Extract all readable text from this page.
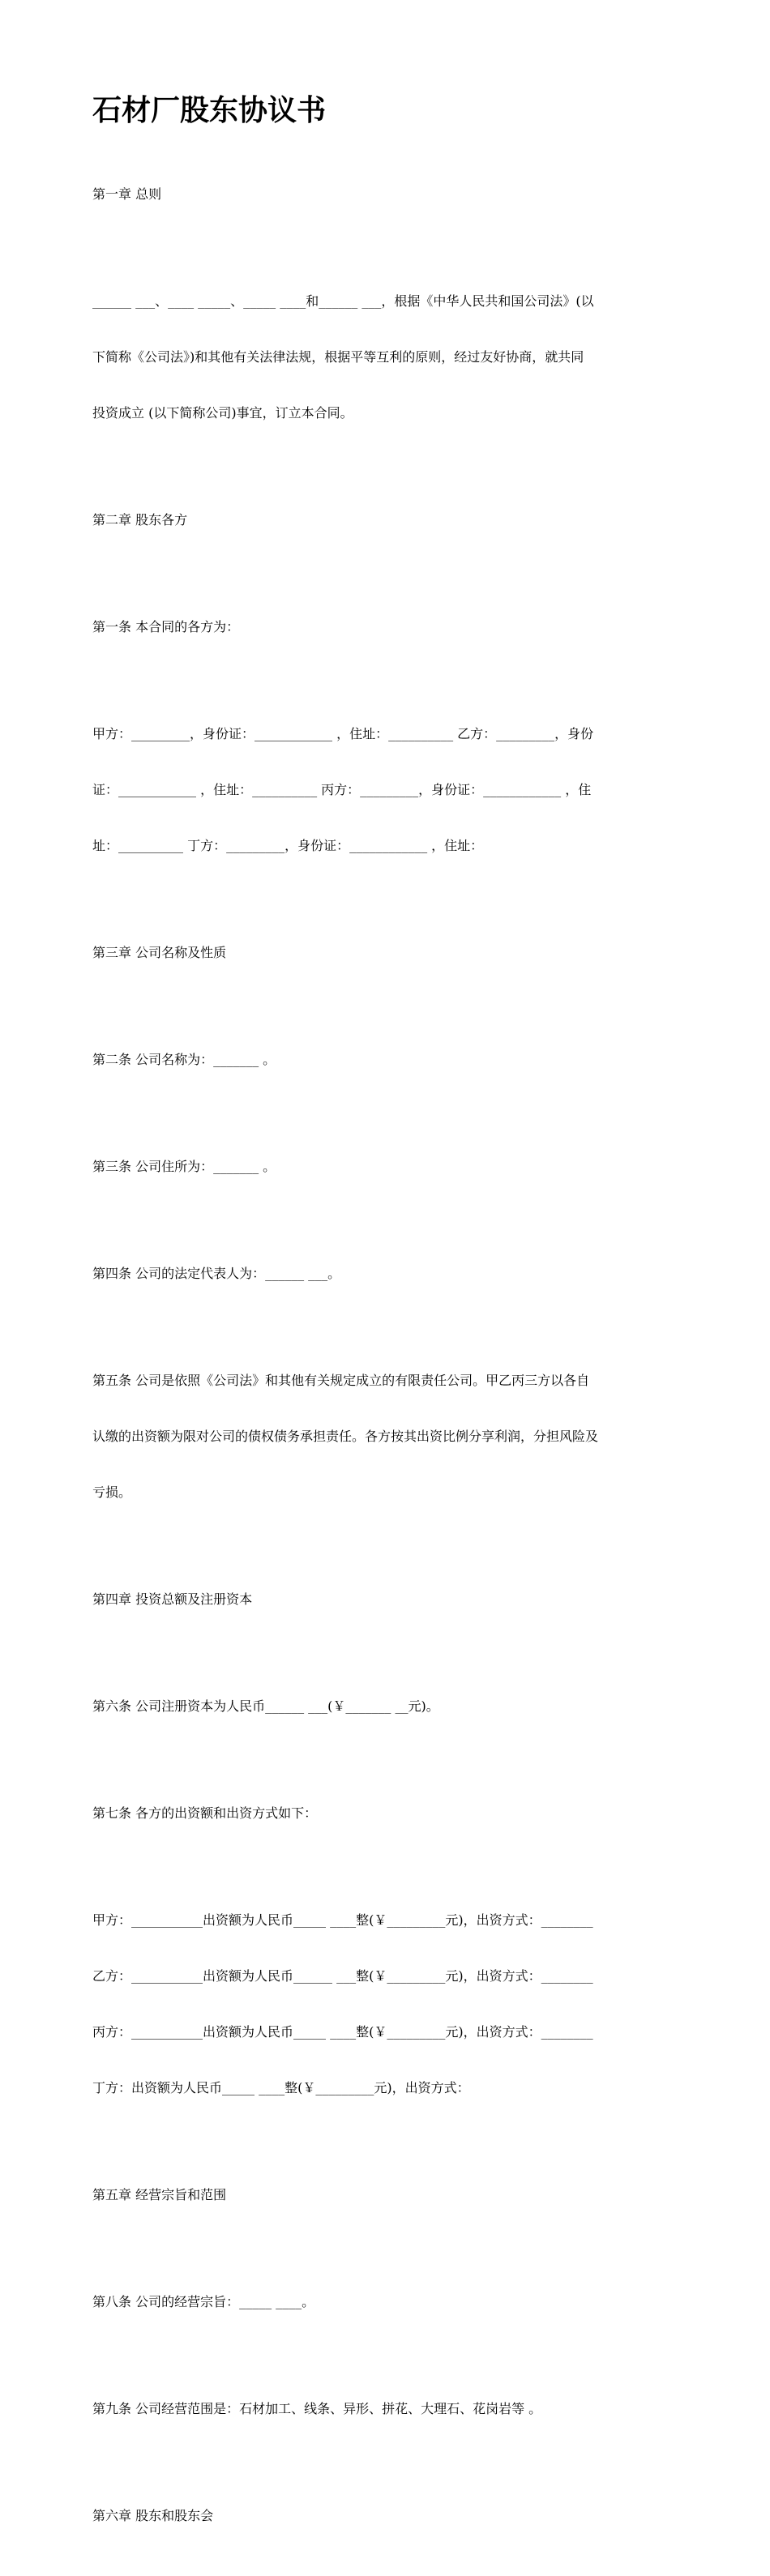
石材厂股东协议书

第一章 总则

______ ___、____ _____、_____ ____和______ ___，根据《中华人民共和国公司法》(以

下简称《公司法》)和其他有关法律法规，根据平等互利的原则，经过友好协商，就共同

投资成立 (以下简称公司)事宜，订立本合同。

第二章 股东各方

第一条 本合同的各方为：

甲方：_________，身份证：____________ ，住址：__________ 乙方：_________，身份

证：____________ ，住址：__________ 丙方：_________，身份证：____________ ，住

址：__________ 丁方：_________，身份证：____________ ，住址：

第三章 公司名称及性质

第二条 公司名称为：_______ 。

第三条 公司住所为：_______ 。

第四条 公司的法定代表人为：______ ___。

第五条 公司是依照《公司法》和其他有关规定成立的有限责任公司。甲乙丙三方以各自

认缴的出资额为限对公司的债权债务承担责任。各方按其出资比例分享利润，分担风险及

亏损。

第四章 投资总额及注册资本

第六条 公司注册资本为人民币______ ___(￥_______ __元)。

第七条 各方的出资额和出资方式如下：

甲方：___________出资额为人民币_____ ____整(￥_________元)，出资方式：________

乙方：___________出资额为人民币______ ___整(￥_________元)，出资方式：________

丙方：___________出资额为人民币_____ ____整(￥_________元)，出资方式：________

丁方：出资额为人民币_____ ____整(￥_________元)，出资方式：

第五章 经营宗旨和范围

第八条 公司的经营宗旨：_____ ____。

第九条 公司经营范围是：石材加工、线条、异形、拼花、大理石、花岗岩等 。

第六章 股东和股东会
